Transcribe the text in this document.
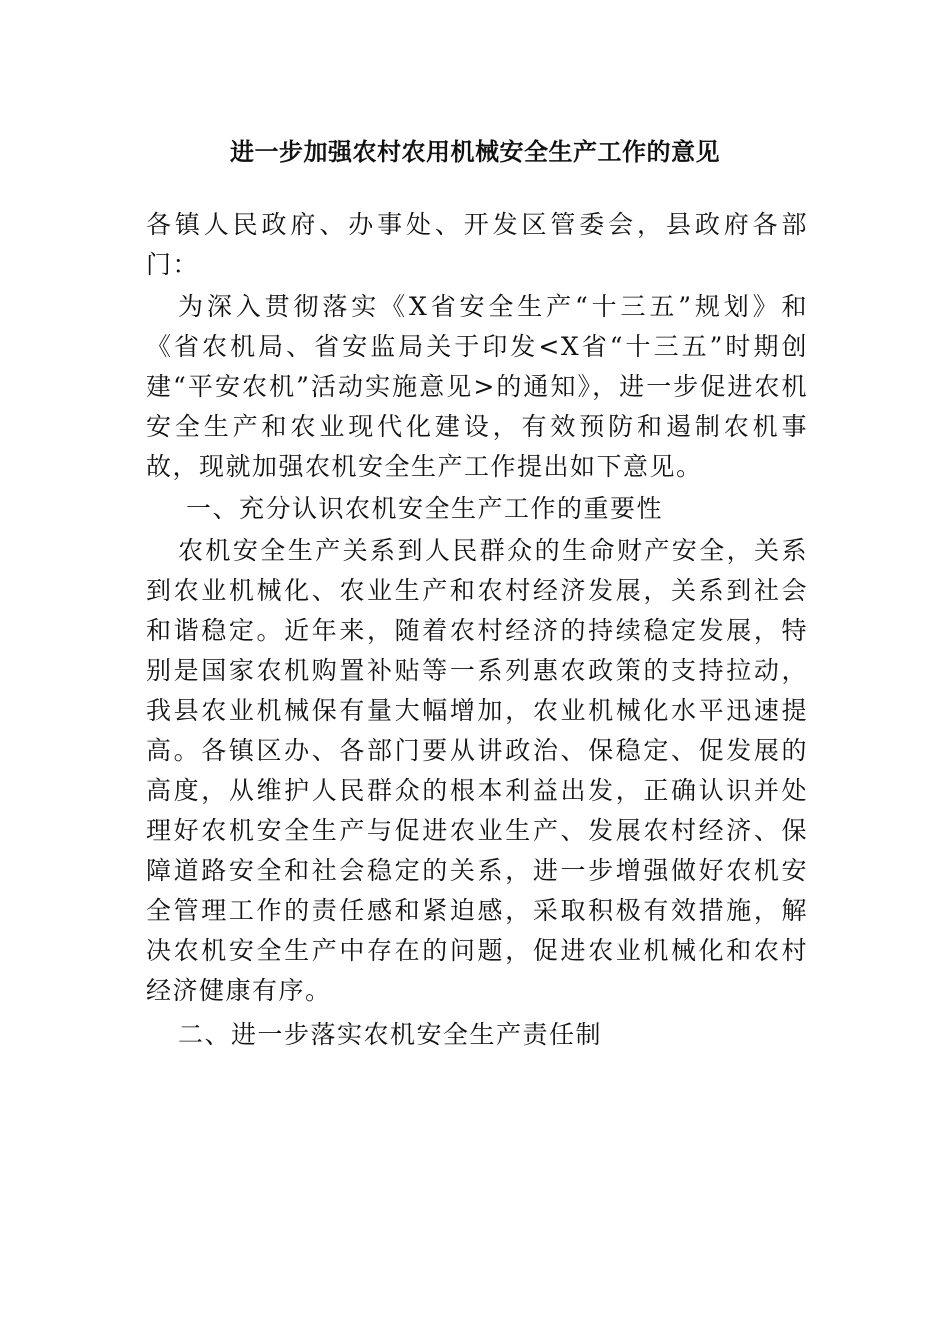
进一步加强农村农用机械安全生产工作的意见

各镇人民政府、办事处、开发区管委会，县政府各部门：

为深入贯彻落实《X省安全生产“十三五”规划》和《省农机局、省安监局关于印发<X省“十三五”时期创建“平安农机”活动实施意见>的通知》，进一步促进农机安全生产和农业现代化建设，有效预防和遏制农机事故，现就加强农机安全生产工作提出如下意见。

一、充分认识农机安全生产工作的重要性

农机安全生产关系到人民群众的生命财产安全，关系到农业机械化、农业生产和农村经济发展，关系到社会和谐稳定。近年来，随着农村经济的持续稳定发展，特别是国家农机购置补贴等一系列惠农政策的支持拉动，我县农业机械保有量大幅增加，农业机械化水平迅速提高。各镇区办、各部门要从讲政治、保稳定、促发展的高度，从维护人民群众的根本利益出发，正确认识并处理好农机安全生产与促进农业生产、发展农村经济、保障道路安全和社会稳定的关系，进一步增强做好农机安全管理工作的责任感和紧迫感，采取积极有效措施，解决农机安全生产中存在的问题，促进农业机械化和农村经济健康有序。

二、进一步落实农机安全生产责任制
